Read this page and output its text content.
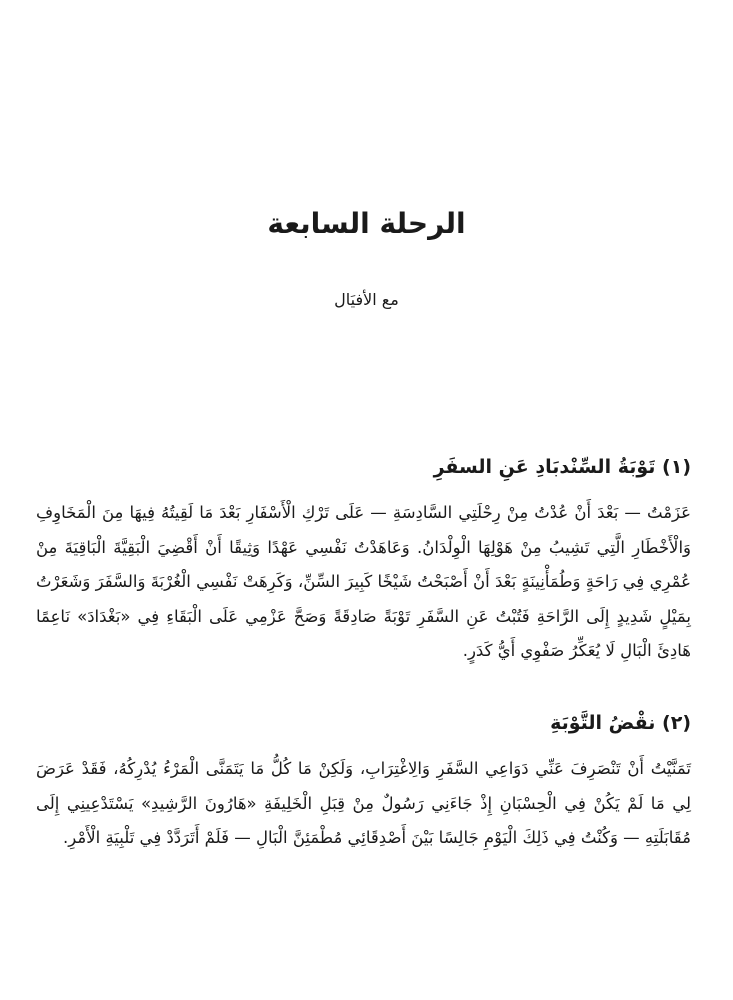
الرحلة السابعة

مع الأفيَال

(١) تَوْبَةُ السِّنْدبَادِ عَنِ السفَرِ

عَزَمْتُ — بَعْدَ أَنْ عُدْتُ مِنْ رِحْلَتِي السَّادِسَةِ — عَلَى تَرْكِ الْأَسْفَارِ بَعْدَ مَا لَقِيتُهُ فِيهَا مِنَ الْمَخَاوِفِ وَالْأَخْطَارِ الَّتِي تَشِيبُ مِنْ هَوْلِهَا الْوِلْدَانُ. وَعَاهَدْتُ نَفْسِي عَهْدًا وَثِيقًا أَنْ أَقْضِيَ الْبَقِيَّةَ الْبَاقِيَةَ مِنْ عُمْرِي فِي رَاحَةٍ وَطُمَأْنِينَةٍ بَعْدَ أَنْ أَصْبَحْتُ شَيْخًا كَبِيرَ السِّنِّ، وَكَرِهَتْ نَفْسِي الْغُرْبَةَ وَالسَّفَرَ وَشَعَرْتُ بِمَيْلٍ شَدِيدٍ إِلَى الرَّاحَةِ فَتُبْتُ عَنِ السَّفَرِ تَوْبَةً صَادِقَةً وَصَحَّ عَزْمِي عَلَى الْبَقَاءِ فِي «بَغْدَادَ» نَاعِمًا هَادِئَ الْبَالِ لَا يُعَكِّرُ صَفْوِي أَيُّ كَدَرٍ.

(٢) نقْضُ التَّوْبَةِ

تَمَنَّيْتُ أَنْ تَنْصَرِفَ عَنِّي دَوَاعِي السَّفَرِ وَالِاغْتِرَابِ، وَلَكِنْ مَا كُلُّ مَا يَتَمَنَّى الْمَرْءُ يُدْرِكُهُ، فَقَدْ عَرَضَ لِي مَا لَمْ يَكُنْ فِي الْحِسْبَانِ إِذْ جَاءَنِي رَسُولٌ مِنْ قِبَلِ الْخَلِيفَةِ «هَارُونَ الرَّشِيدِ» يَسْتَدْعِينِي إِلَى مُقَابَلَتِهِ — وَكُنْتُ فِي ذَلِكَ الْيَوْمِ جَالِسًا بَيْنَ أَصْدِقَائِي مُطْمَئِنَّ الْبَالِ — فَلَمْ أَتَرَدَّدْ فِي تَلْبِيَةِ الْأَمْرِ.
